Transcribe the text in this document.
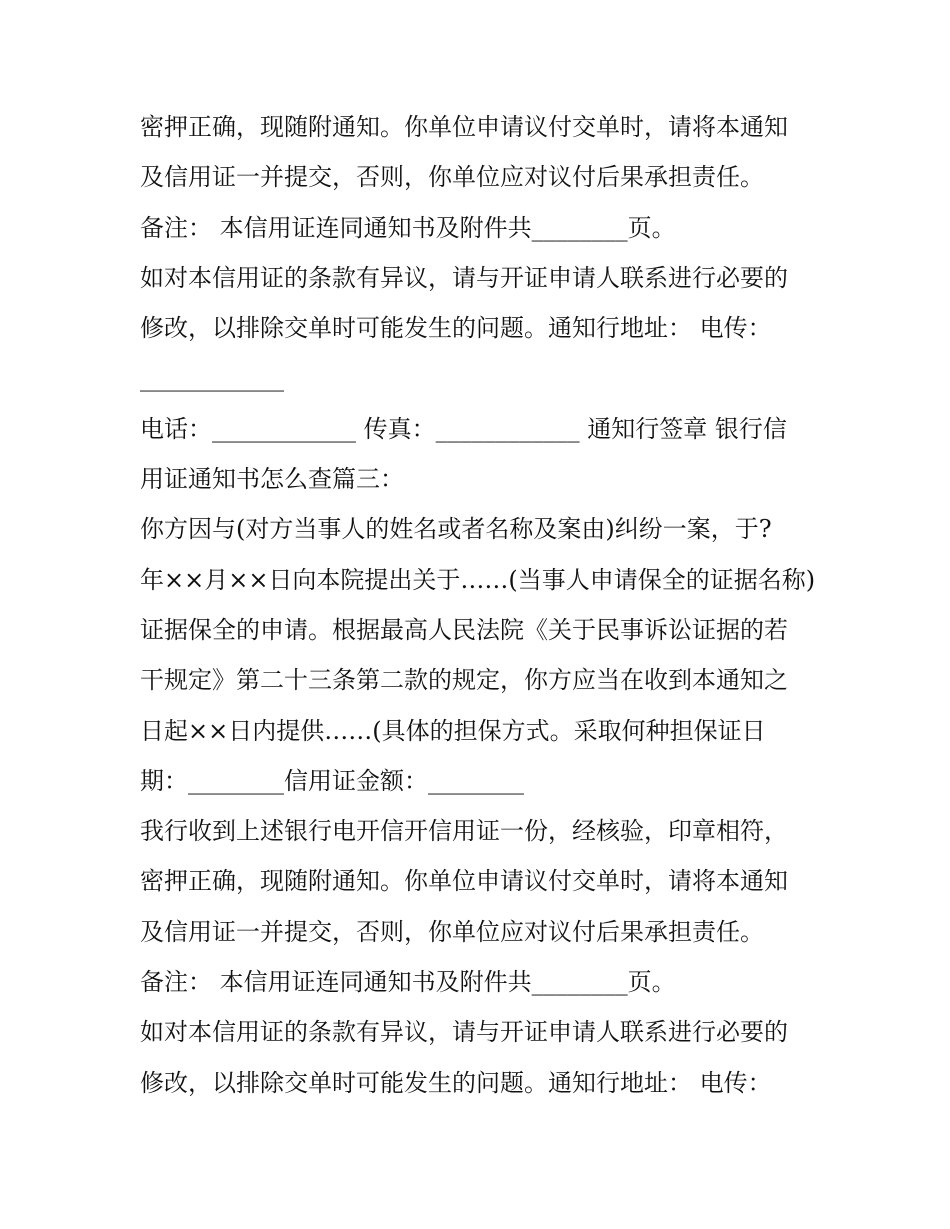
密押正确，现随附通知。你单位申请议付交单时，请将本通知
及信用证一并提交，否则，你单位应对议付后果承担责任。
备注： 本信用证连同通知书及附件共________页。
如对本信用证的条款有异议，请与开证申请人联系进行必要的
修改，以排除交单时可能发生的问题。通知行地址： 电传：
____________
电话：____________ 传真：____________ 通知行签章 银行信
用证通知书怎么查篇三：
你方因与(对方当事人的姓名或者名称及案由)纠纷一案，于?
年××月××日向本院提出关于……(当事人申请保全的证据名称)
证据保全的申请。根据最高人民法院《关于民事诉讼证据的若
干规定》第二十三条第二款的规定，你方应当在收到本通知之
日起××日内提供……(具体的担保方式。采取何种担保证日
期：________信用证金额：________
我行收到上述银行电开信开信用证一份，经核验，印章相符，
密押正确，现随附通知。你单位申请议付交单时，请将本通知
及信用证一并提交，否则，你单位应对议付后果承担责任。
备注： 本信用证连同通知书及附件共________页。
如对本信用证的条款有异议，请与开证申请人联系进行必要的
修改，以排除交单时可能发生的问题。通知行地址： 电传：
